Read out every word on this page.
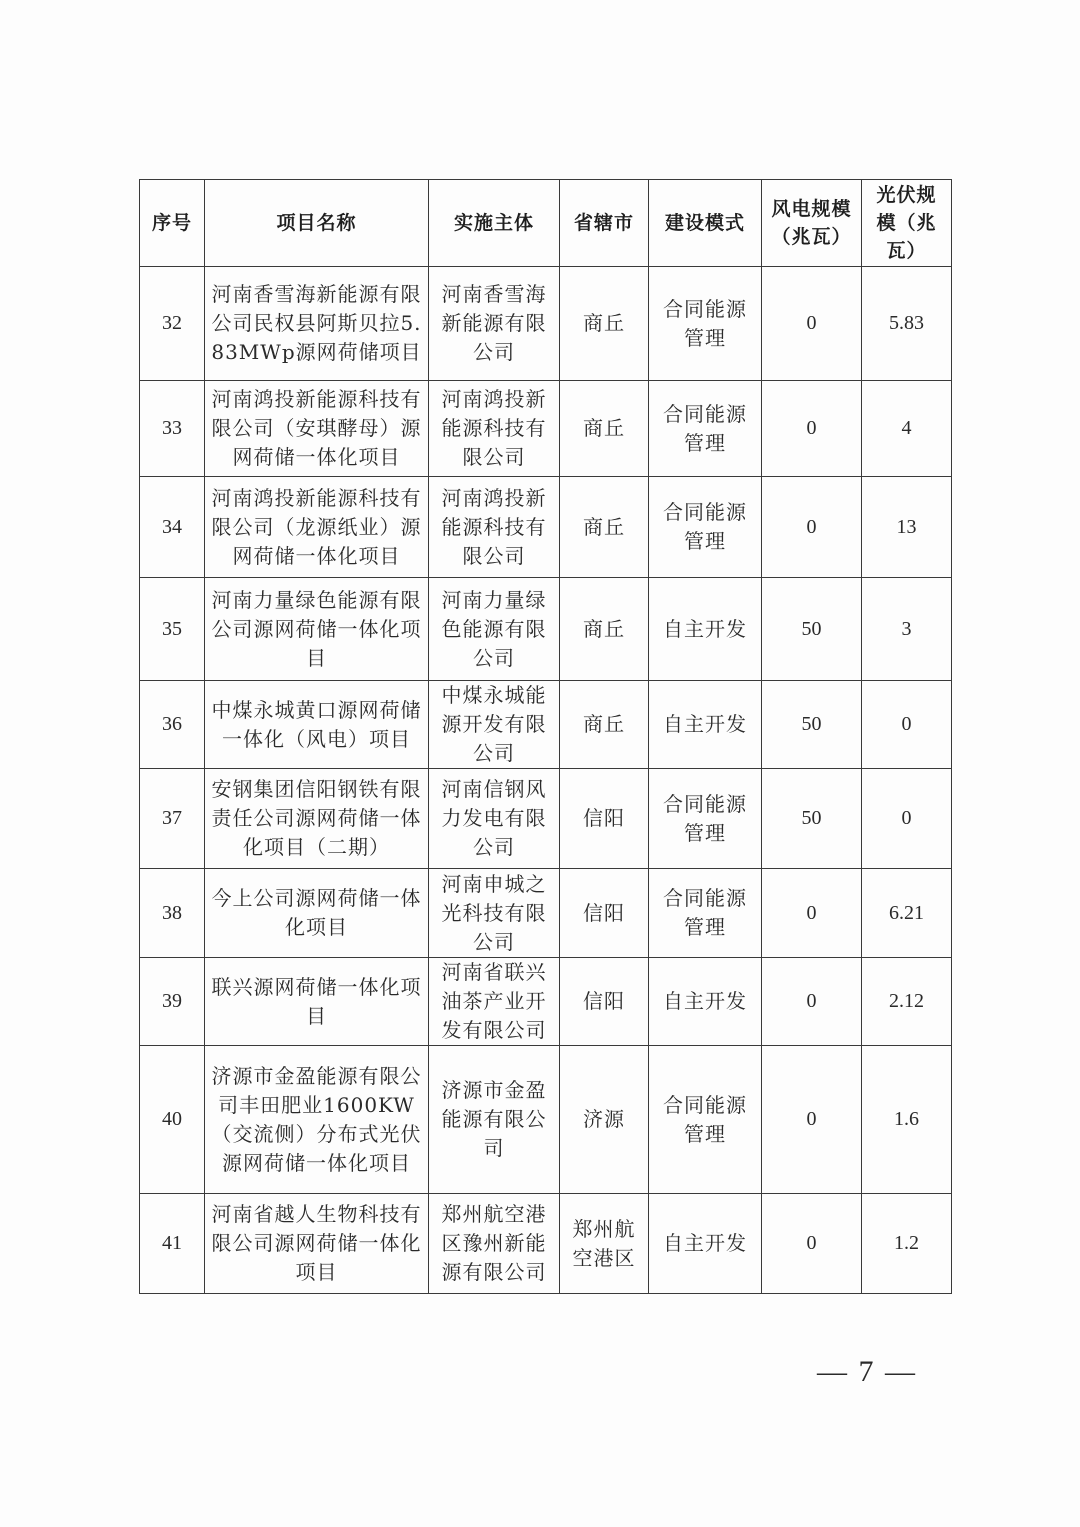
序号	项目名称	实施主体	省辖市	建设模式	风电规模（兆瓦）	光伏规模（兆瓦）
32	河南香雪海新能源有限公司民权县阿斯贝拉5.83MWp源网荷储项目	河南香雪海新能源有限公司	商丘	合同能源管理	0	5.83
33	河南鸿投新能源科技有限公司（安琪酵母）源网荷储一体化项目	河南鸿投新能源科技有限公司	商丘	合同能源管理	0	4
34	河南鸿投新能源科技有限公司（龙源纸业）源网荷储一体化项目	河南鸿投新能源科技有限公司	商丘	合同能源管理	0	13
35	河南力量绿色能源有限公司源网荷储一体化项目	河南力量绿色能源有限公司	商丘	自主开发	50	3
36	中煤永城黄口源网荷储一体化（风电）项目	中煤永城能源开发有限公司	商丘	自主开发	50	0
37	安钢集团信阳钢铁有限责任公司源网荷储一体化项目（二期）	河南信钢风力发电有限公司	信阳	合同能源管理	50	0
38	今上公司源网荷储一体化项目	河南申城之光科技有限公司	信阳	合同能源管理	0	6.21
39	联兴源网荷储一体化项目	河南省联兴油茶产业开发有限公司	信阳	自主开发	0	2.12
40	济源市金盈能源有限公司丰田肥业1600KW（交流侧）分布式光伏源网荷储一体化项目	济源市金盈能源有限公司	济源	合同能源管理	0	1.6
41	河南省越人生物科技有限公司源网荷储一体化项目	郑州航空港区豫州新能源有限公司	郑州航空港区	自主开发	0	1.2
— 7 —
